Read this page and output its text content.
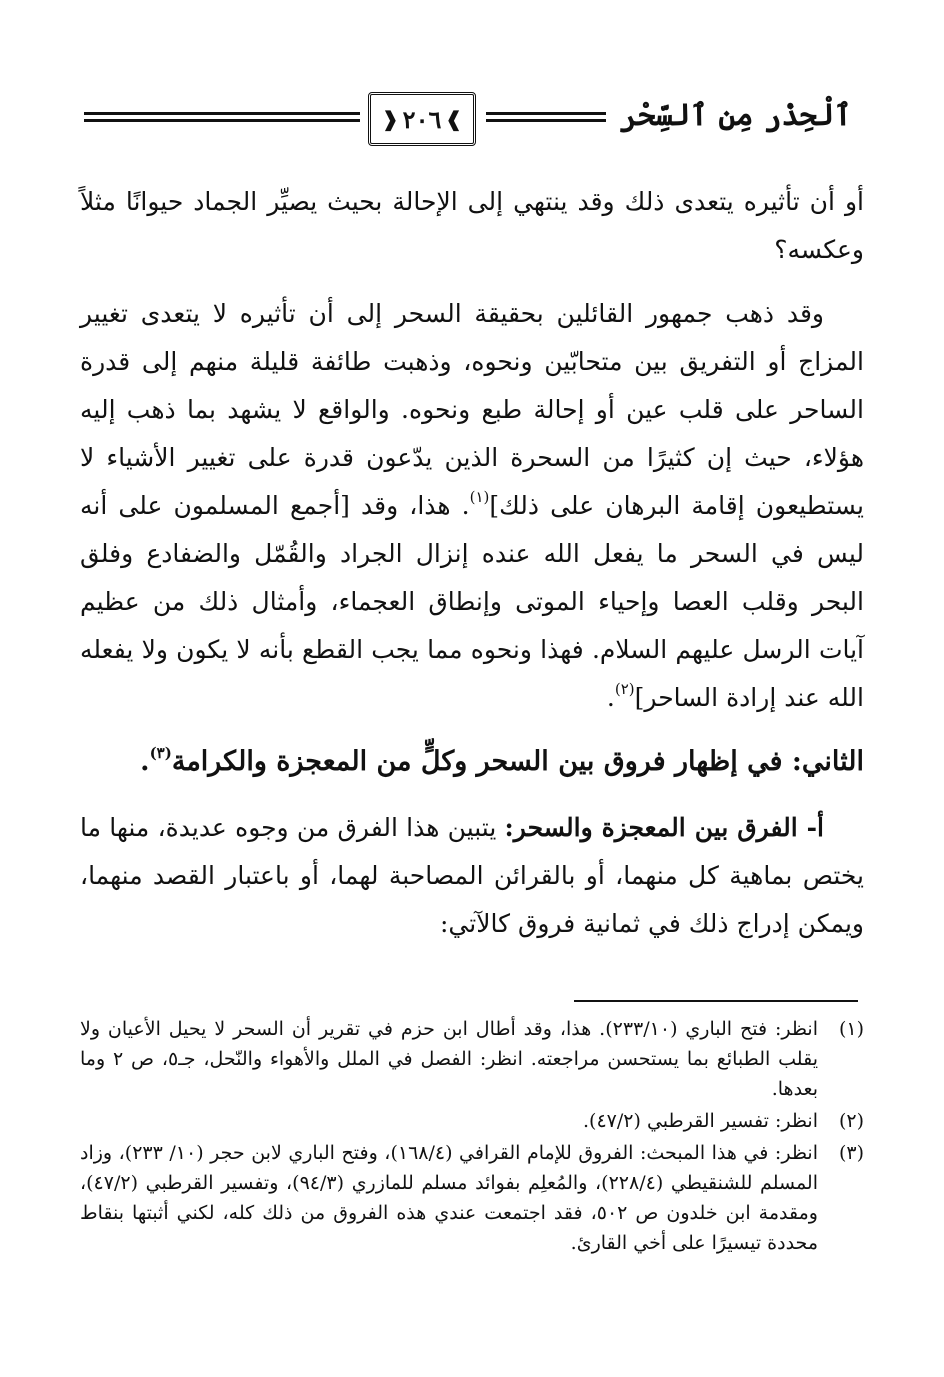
❱
٢٠٦
❰	ٱلْحِذْر مِن ٱلسِّحْر

أو أن تأثيره يتعدى ذلك وقد ينتهي إلى الإحالة بحيث يصيِّر الجماد حيوانًا مثلاً وعكسه؟

وقد ذهب جمهور القائلين بحقيقة السحر إلى أن تأثيره لا يتعدى تغيير المزاج أو التفريق بين متحابّين ونحوه، وذهبت طائفة قليلة منهم إلى قدرة الساحر على قلب عين أو إحالة طبع ونحوه. والواقع لا يشهد بما ذهب إليه هؤلاء، حيث إن كثيرًا من السحرة الذين يدّعون قدرة على تغيير الأشياء لا يستطيعون إقامة البرهان على ذلك]$^{(١)}$. هذا، وقد [أجمع المسلمون على أنه ليس في السحر ما يفعل الله عنده إنزال الجراد والقُمّل والضفادع وفلق البحر وقلب العصا وإحياء الموتى وإنطاق العجماء، وأمثال ذلك من عظيم آيات الرسل عليهم السلام. فهذا ونحوه مما يجب القطع بأنه لا يكون ولا يفعله الله عند إرادة الساحر]$^{(٢)}$.

الثاني: في إظهار فروق بين السحر وكلٍّ من المعجزة والكرامة$^{(٣)}$.

أ- الفرق بين المعجزة والسحر: يتبين هذا الفرق من وجوه عديدة، منها ما يختص بماهية كل منهما، أو بالقرائن المصاحبة لهما، أو باعتبار القصد منهما، ويمكن إدراج ذلك في ثمانية فروق كالآتي:

(١)
انظر: فتح الباري (٢٣٣/١٠). هذا، وقد أطال ابن حزم في تقرير أن السحر لا يحيل الأعيان ولا يقلب الطبائع بما يستحسن مراجعته. انظر: الفصل في الملل والأهواء والنّحل، جـ٥، ص ٢ وما بعدها.
(٢)
انظر: تفسير القرطبي (٤٧/٢).
(٣)
انظر: في هذا المبحث: الفروق للإمام القرافي (١٦٨/٤)، وفتح الباري لابن حجر (١٠/ ٢٣٣)، وزاد المسلم للشنقيطي (٢٢٨/٤)، والمُعلِم بفوائد مسلم للمازري (٩٤/٣)، وتفسير القرطبي (٤٧/٢)، ومقدمة ابن خلدون ص ٥٠٢، فقد اجتمعت عندي هذه الفروق من ذلك كله، لكني أثبتها بنقاط محددة تيسيرًا على أخي القارئ.
